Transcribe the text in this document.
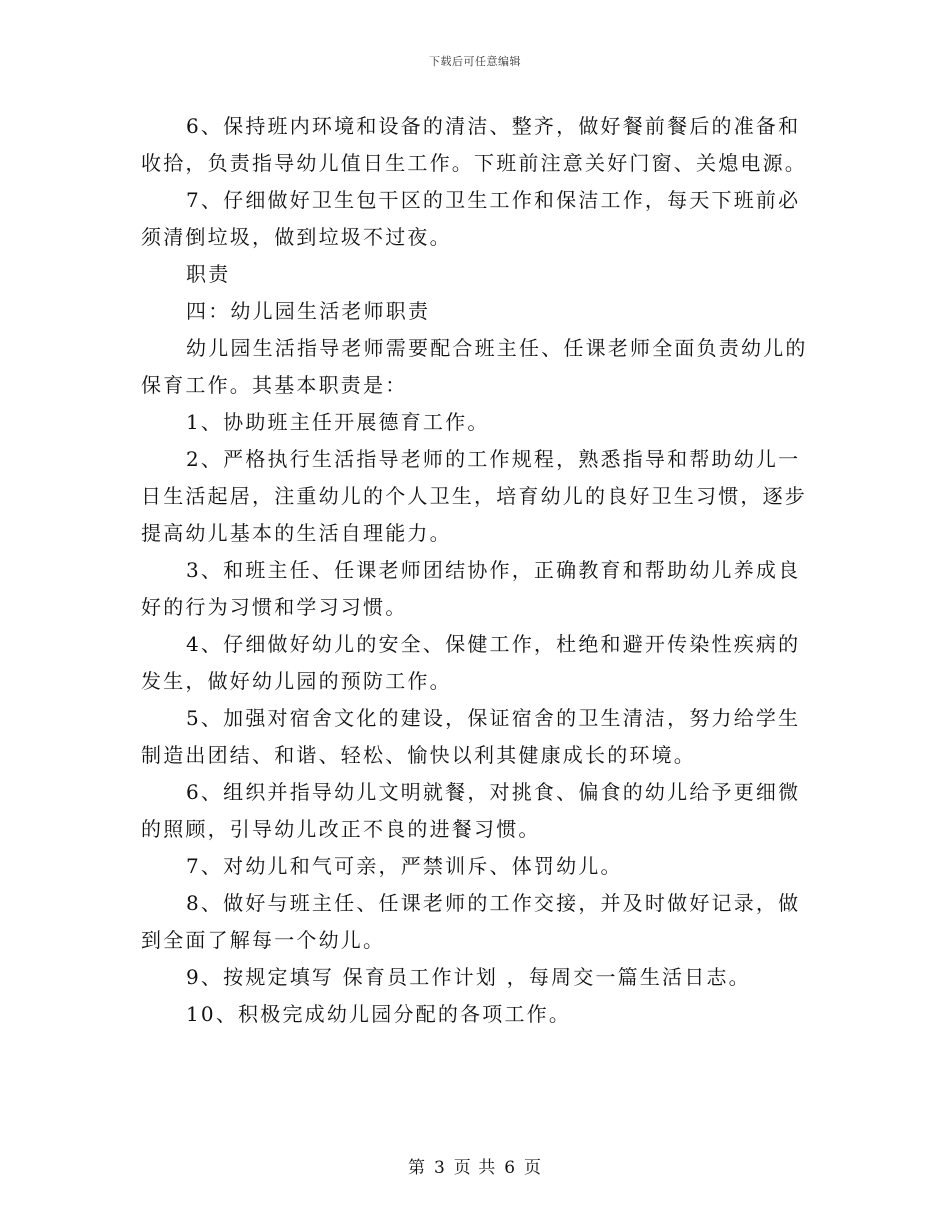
下载后可任意编辑

6、保持班内环境和设备的清洁、整齐，做好餐前餐后的准备和收拾，负责指导幼儿值日生工作。下班前注意关好门窗、关熄电源。

7、仔细做好卫生包干区的卫生工作和保洁工作，每天下班前必须清倒垃圾，做到垃圾不过夜。

职责

四：幼儿园生活老师职责

幼儿园生活指导老师需要配合班主任、任课老师全面负责幼儿的保育工作。其基本职责是：

1、协助班主任开展德育工作。

2、严格执行生活指导老师的工作规程，熟悉指导和帮助幼儿一日生活起居，注重幼儿的个人卫生，培育幼儿的良好卫生习惯，逐步提高幼儿基本的生活自理能力。

3、和班主任、任课老师团结协作，正确教育和帮助幼儿养成良好的行为习惯和学习习惯。

4、仔细做好幼儿的安全、保健工作，杜绝和避开传染性疾病的发生，做好幼儿园的预防工作。

5、加强对宿舍文化的建设，保证宿舍的卫生清洁，努力给学生制造出团结、和谐、轻松、愉快以利其健康成长的环境。

6、组织并指导幼儿文明就餐，对挑食、偏食的幼儿给予更细微的照顾，引导幼儿改正不良的进餐习惯。

7、对幼儿和气可亲，严禁训斥、体罚幼儿。

8、做好与班主任、任课老师的工作交接，并及时做好记录，做到全面了解每一个幼儿。

9、按规定填写 保育员工作计划 ，每周交一篇生活日志。

10、积极完成幼儿园分配的各项工作。

第 3 页 共 6 页
